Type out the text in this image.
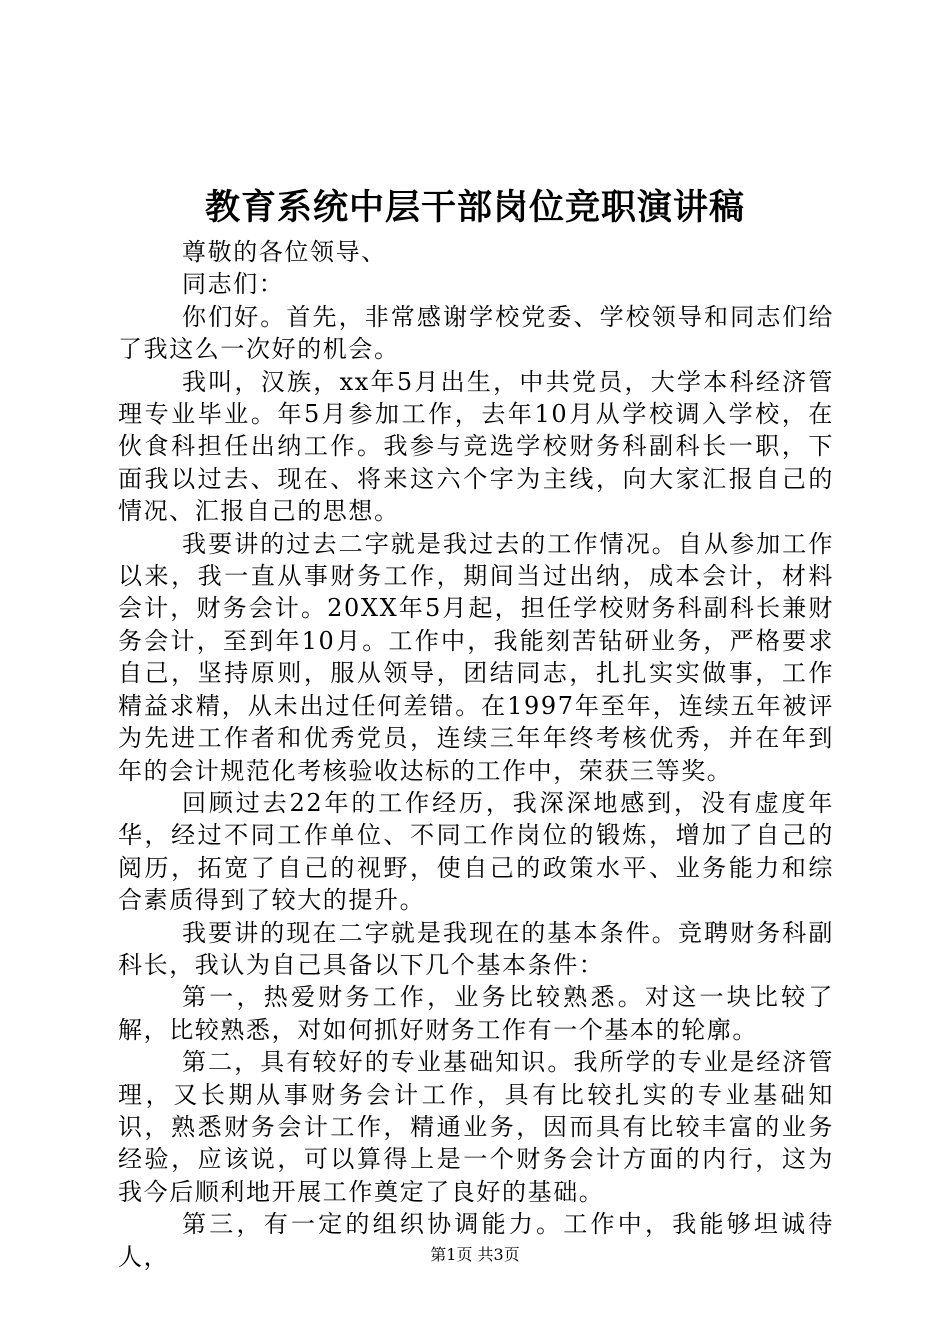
教育系统中层干部岗位竞职演讲稿

尊敬的各位领导、

同志们：

你们好。首先，非常感谢学校党委、学校领导和同志们给了我这么一次好的机会。

我叫，汉族，xx年5月出生，中共党员，大学本科经济管理专业毕业。年5月参加工作，去年10月从学校调入学校，在伙食科担任出纳工作。我参与竞选学校财务科副科长一职，下面我以过去、现在、将来这六个字为主线，向大家汇报自己的情况、汇报自己的思想。

我要讲的过去二字就是我过去的工作情况。自从参加工作以来，我一直从事财务工作，期间当过出纳，成本会计，材料会计，财务会计。20XX年5月起，担任学校财务科副科长兼财务会计，至到年10月。工作中，我能刻苦钻研业务，严格要求自己，坚持原则，服从领导，团结同志，扎扎实实做事，工作精益求精，从未出过任何差错。在1997年至年，连续五年被评为先进工作者和优秀党员，连续三年年终考核优秀，并在年到年的会计规范化考核验收达标的工作中，荣获三等奖。

回顾过去22年的工作经历，我深深地感到，没有虚度年华，经过不同工作单位、不同工作岗位的锻炼，增加了自己的阅历，拓宽了自己的视野，使自己的政策水平、业务能力和综合素质得到了较大的提升。

我要讲的现在二字就是我现在的基本条件。竞聘财务科副科长，我认为自己具备以下几个基本条件：

第一，热爱财务工作，业务比较熟悉。对这一块比较了解，比较熟悉，对如何抓好财务工作有一个基本的轮廓。

第二，具有较好的专业基础知识。我所学的专业是经济管理，又长期从事财务会计工作，具有比较扎实的专业基础知识，熟悉财务会计工作，精通业务，因而具有比较丰富的业务经验，应该说，可以算得上是一个财务会计方面的内行，这为我今后顺利地开展工作奠定了良好的基础。

第三，有一定的组织协调能力。工作中，我能够坦诚待人，	第1页 共3页
